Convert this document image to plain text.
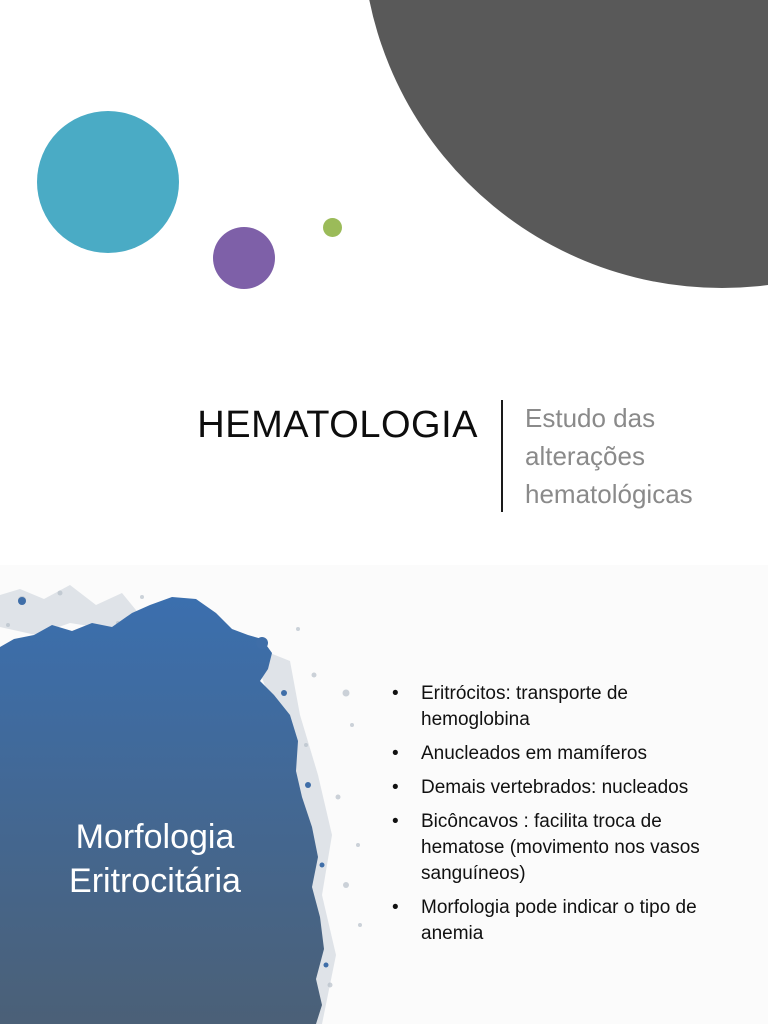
HEMATOLOGIA Estudo das
alterações
hematológicas
Morfologia
Eritrocitária
• Eritrócitos: transporte de hemoglobina
• Anucleados em mamíferos
• Demais vertebrados: nucleados
• Bicôncavos : facilita troca de hematose (movimento nos vasos sanguíneos)
• Morfologia pode indicar o tipo de anemia
